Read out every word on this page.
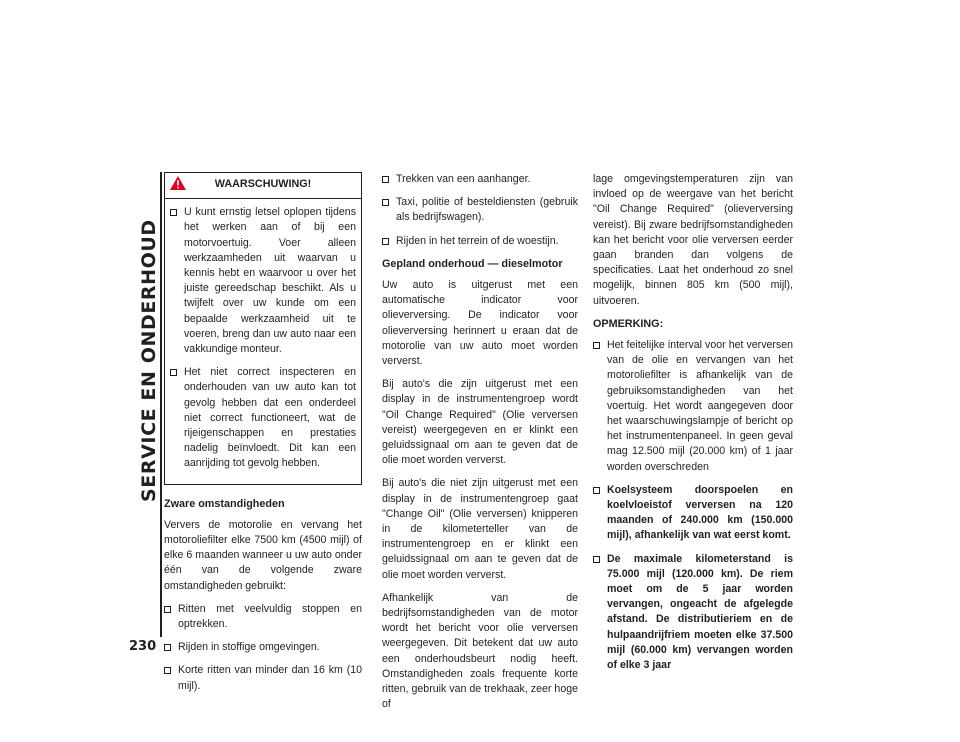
SERVICE EN ONDERHOUD
230
WAARSCHUWING!
U kunt ernstig letsel oplopen tijdens het werken aan of bij een motorvoertuig. Voer alleen werkzaamheden uit waarvan u kennis hebt en waarvoor u over het juiste gereedschap beschikt. Als u twijfelt over uw kunde om een bepaalde werkzaamheid uit te voeren, breng dan uw auto naar een vakkundige monteur.
Het niet correct inspecteren en onderhouden van uw auto kan tot gevolg hebben dat een onderdeel niet correct functioneert, wat de rijeigenschappen en prestaties nadelig beïnvloedt. Dit kan een aanrijding tot gevolg hebben.
Zware omstandigheden

Ververs de motorolie en vervang het motoroliefilter elke 7500 km (4500 mijl) of elke 6 maanden wanneer u uw auto onder één van de volgende zware omstandigheden gebruikt:

Ritten met veelvuldig stoppen en optrekken.
Rijden in stoffige omgevingen.
Korte ritten van minder dan 16 km (10 mijl).
Trekken van een aanhanger.
Taxi, politie of besteldiensten (gebruik als bedrijfswagen).
Rijden in het terrein of de woestijn.
Gepland onderhoud — dieselmotor

Uw auto is uitgerust met een automatische indicator voor olieverversing. De indicator voor olieverversing herinnert u eraan dat de motorolie van uw auto moet worden ververst.

Bij auto's die zijn uitgerust met een display in de instrumentengroep wordt "Oil Change Required" (Olie verversen vereist) weergegeven en er klinkt een geluidssignaal om aan te geven dat de olie moet worden ververst.

Bij auto's die niet zijn uitgerust met een display in de instrumentengroep gaat "Change Oil" (Olie verversen) knipperen in de kilometerteller van de instrumentengroep en er klinkt een geluidssignaal om aan te geven dat de olie moet worden ververst.

Afhankelijk van de bedrijfsomstandigheden van de motor wordt het bericht voor olie verversen weergegeven. Dit betekent dat uw auto een onderhoudsbeurt nodig heeft. Omstandigheden zoals frequente korte ritten, gebruik van de trekhaak, zeer hoge of

lage omgevingstemperaturen zijn van invloed op de weergave van het bericht "Oil Change Required" (olieverversing vereist). Bij zware bedrijfsomstandigheden kan het bericht voor olie verversen eerder gaan branden dan volgens de specificaties. Laat het onderhoud zo snel mogelijk, binnen 805 km (500 mijl), uitvoeren.

OPMERKING:
Het feitelijke interval voor het verversen van de olie en vervangen van het motoroliefilter is afhankelijk van de gebruiksomstandigheden van het voertuig. Het wordt aangegeven door het waarschuwingslampje of bericht op het instrumentenpaneel. In geen geval mag 12.500 mijl (20.000 km) of 1 jaar worden overschreden
Koelsysteem doorspoelen en koelvloeistof verversen na 120 maanden of 240.000 km (150.000 mijl), afhankelijk van wat eerst komt.
De maximale kilometerstand is 75.000 mijl (120.000 km). De riem moet om de 5 jaar worden vervangen, ongeacht de afgelegde afstand. De distributieriem en de hulpaandrijfriem moeten elke 37.500 mijl (60.000 km) vervangen worden of elke 3 jaar
